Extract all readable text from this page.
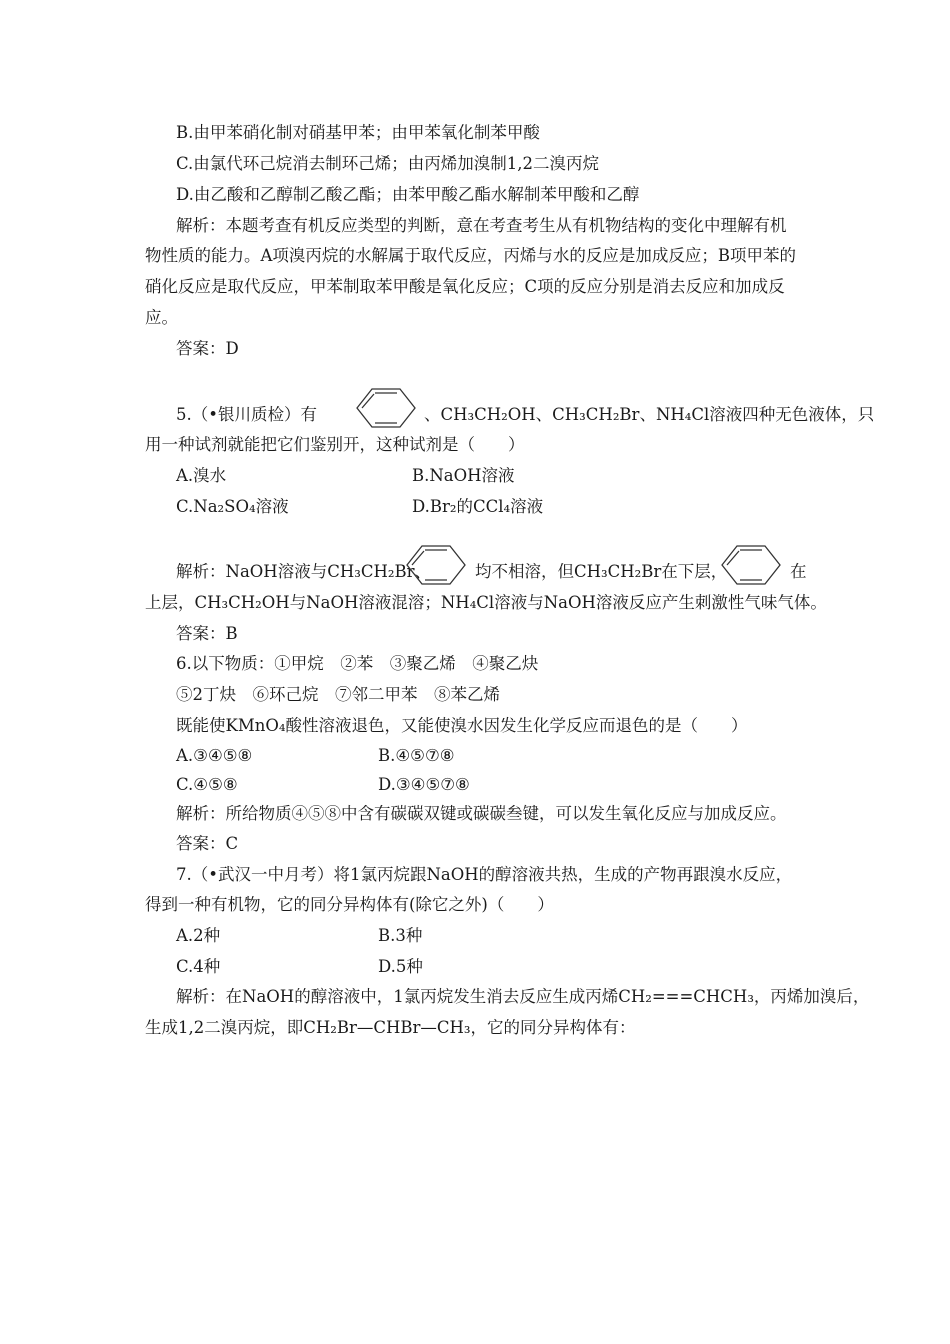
B.由甲苯硝化制对硝基甲苯；由甲苯氧化制苯甲酸
C.由氯代环己烷消去制环己烯；由丙烯加溴制1,2二溴丙烷
D.由乙酸和乙醇制乙酸乙酯；由苯甲酸乙酯水解制苯甲酸和乙醇
解析：本题考查有机反应类型的判断，意在考查考生从有机物结构的变化中理解有机
物性质的能力。A项溴丙烷的水解属于取代反应，丙烯与水的反应是加成反应；B项甲苯的
硝化反应是取代反应，甲苯制取苯甲酸是氧化反应；C项的反应分别是消去反应和加成反
应。
答案：D
5.（•银川质检）有	、CH₃CH₂OH、CH₃CH₂Br、NH₄Cl溶液四种无色液体，只
用一种试剂就能把它们鉴别开，这种试剂是（　　）
A.溴水	B.NaOH溶液
C.Na₂SO₄溶液	D.Br₂的CCl₄溶液
解析：NaOH溶液与CH₃CH₂Br、	均不相溶，但CH₃CH₂Br在下层，	在
上层，CH₃CH₂OH与NaOH溶液混溶；NH₄Cl溶液与NaOH溶液反应产生刺激性气味气体。
答案：B
6.以下物质：①甲烷　②苯　③聚乙烯　④聚乙炔
⑤2丁炔　⑥环己烷　⑦邻二甲苯　⑧苯乙烯
既能使KMnO₄酸性溶液退色，又能使溴水因发生化学反应而退色的是（　　）
A.③④⑤⑧	B.④⑤⑦⑧
C.④⑤⑧	D.③④⑤⑦⑧
解析：所给物质④⑤⑧中含有碳碳双键或碳碳叁键，可以发生氧化反应与加成反应。
答案：C
7.（•武汉一中月考）将1氯丙烷跟NaOH的醇溶液共热，生成的产物再跟溴水反应，
得到一种有机物，它的同分异构体有(除它之外)（　　）
A.2种	B.3种
C.4种	D.5种
解析：在NaOH的醇溶液中，1氯丙烷发生消去反应生成丙烯CH₂===CHCH₃，丙烯加溴后，
生成1,2二溴丙烷，即CH₂Br—CHBr—CH₃，它的同分异构体有：
